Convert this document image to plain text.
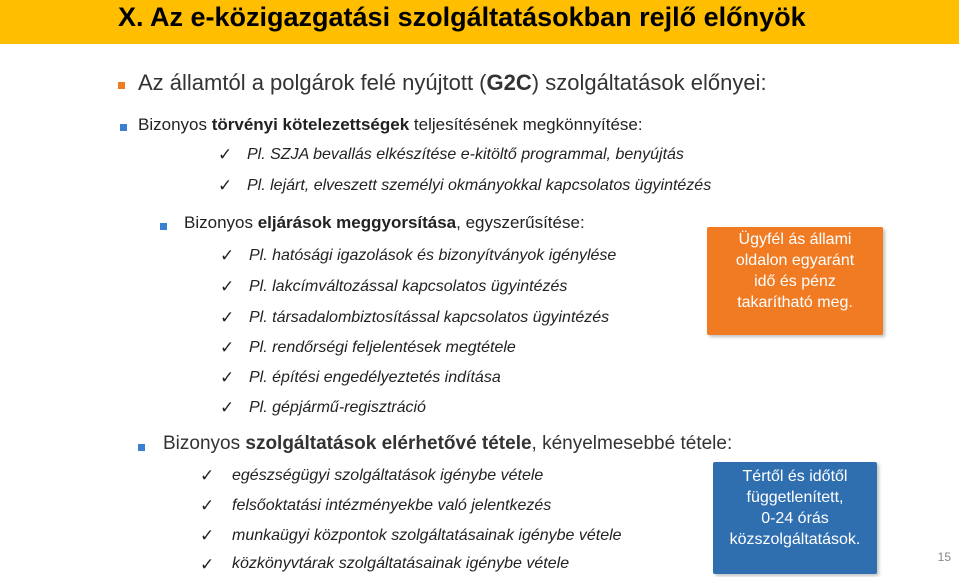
X. Az e-közigazgatási szolgáltatásokban rejlő előnyök
Az államtól a polgárok felé nyújtott (G2C) szolgáltatások előnyei:
Bizonyos törvényi kötelezettségek teljesítésének megkönnyítése:
✓ Pl. SZJA bevallás elkészítése e-kitöltő programmal, benyújtás
✓ Pl. lejárt, elveszett személyi okmányokkal kapcsolatos ügyintézés
Bizonyos eljárások meggyorsítása, egyszerűsítése:
✓ Pl. hatósági igazolások és bizonyítványok igénylése
✓ Pl. lakcímváltozással kapcsolatos ügyintézés
✓ Pl. társadalombiztosítással kapcsolatos ügyintézés
✓ Pl. rendőrségi feljelentések megtétele
✓ Pl. építési engedélyeztetés indítása
✓ Pl. gépjármű-regisztráció
Ügyfél ás állami
oldalon egyaránt
idő és pénz
takarítható meg.
Bizonyos szolgáltatások elérhetővé tétele, kényelmesebbé tétele:
✓ egészségügyi szolgáltatások igénybe vétele
✓ felsőoktatási intézményekbe való jelentkezés
✓ munkaügyi központok szolgáltatásainak igénybe vétele
✓ közkönyvtárak szolgáltatásainak igénybe vétele
Tértől és időtől
függetlenített,
0-24 órás
közszolgáltatások.
15
